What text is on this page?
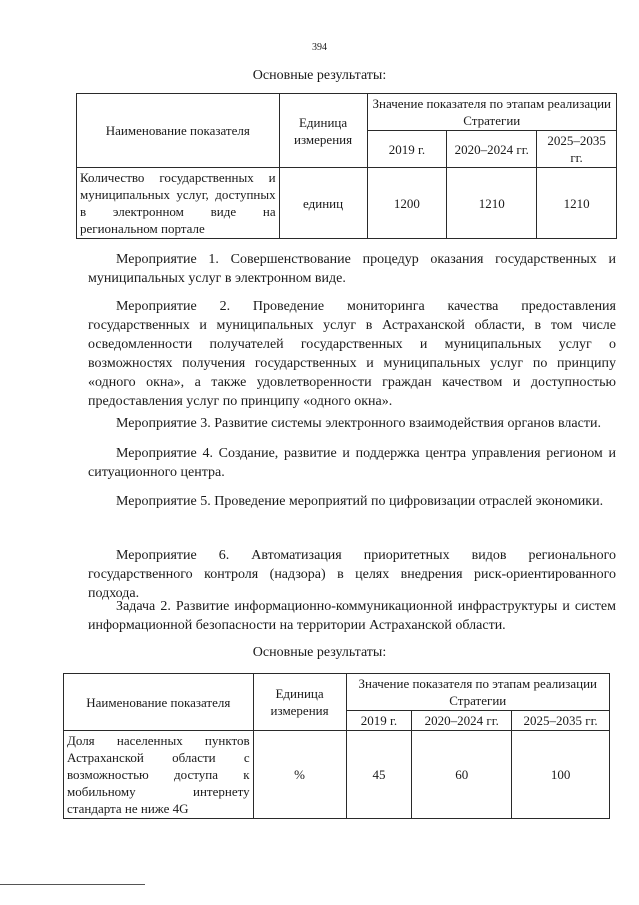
394
Основные результаты:
Наименование показателя	Единица измерения	Значение показателя по этапам реализации Стратегии		
		2019 г.	2020–2024 гг.	2025–2035 гг.
Количество государственных и муниципальных услуг, доступных в электронном виде на региональном портале	единиц	1200	1210	1210

Мероприятие 1. Совершенствование процедур оказания государственных и муниципальных услуг в электронном виде.

Мероприятие 2. Проведение мониторинга качества предоставления государственных и муниципальных услуг в Астраханской области, в том числе осведомленности получателей государственных и муниципальных услуг о возможностях получения государственных и муниципальных услуг по принципу «одного окна», а также удовлетворенности граждан качеством и доступностью предоставления услуг по принципу «одного окна».

Мероприятие 3. Развитие системы электронного взаимодействия органов власти.

Мероприятие 4. Создание, развитие и поддержка центра управления регионом и ситуационного центра.

Мероприятие 5. Проведение мероприятий по цифровизации отраслей экономики.

Мероприятие 6. Автоматизация приоритетных видов регионального государственного контроля (надзора) в целях внедрения риск-ориентированного подхода.

Задача 2. Развитие информационно-коммуникационной инфраструктуры и систем информационной безопасности на территории Астраханской области.

Основные результаты:
Наименование показателя	Единица измерения	Значение показателя по этапам реализации Стратегии		
		2019 г.	2020–2024 гг.	2025–2035 гг.
Доля населенных пунктов Астраханской области с возможностью доступа к мобильному интернету стандарта не ниже 4G	%	45	60	100
